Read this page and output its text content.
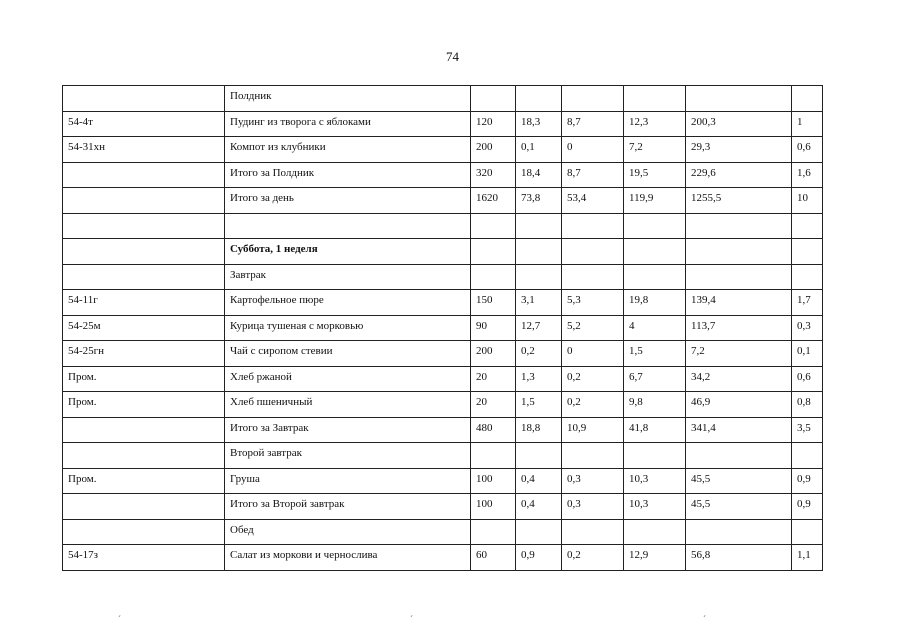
74
	Полдник						
54-4т	Пудинг из творога с яблоками	120	18,3	8,7	12,3	200,3	1
54-31хн	Компот из клубники	200	0,1	0	7,2	29,3	0,6
	Итого за Полдник	320	18,4	8,7	19,5	229,6	1,6
	Итого за день	1620	73,8	53,4	119,9	1255,5	10

	Суббота, 1 неделя						
	Завтрак						
54-11г	Картофельное пюре	150	3,1	5,3	19,8	139,4	1,7
54-25м	Курица тушеная с морковью	90	12,7	5,2	4	113,7	0,3
54-25гн	Чай с сиропом стевии	200	0,2	0	1,5	7,2	0,1
Пром.	Хлеб ржаной	20	1,3	0,2	6,7	34,2	0,6
Пром.	Хлеб пшеничный	20	1,5	0,2	9,8	46,9	0,8
	Итого за Завтрак	480	18,8	10,9	41,8	341,4	3,5
	Второй завтрак						
Пром.	Груша	100	0,4	0,3	10,3	45,5	0,9
	Итого за Второй завтрак	100	0,4	0,3	10,3	45,5	0,9
	Обед						
54-17з	Салат из моркови и чернослива	60	0,9	0,2	12,9	56,8	1,1
´	´	´
